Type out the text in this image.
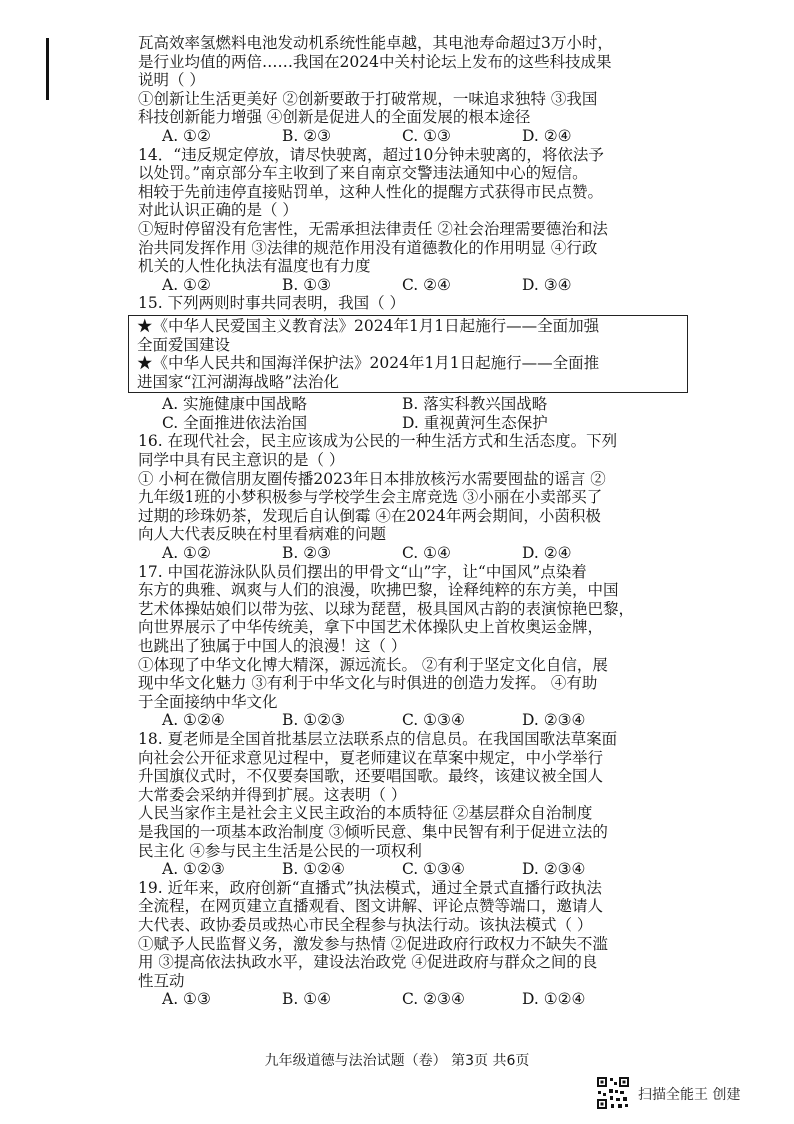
瓦高效率氢燃料电池发动机系统性能卓越，其电池寿命超过3万小时，
是行业均值的两倍……我国在2024中关村论坛上发布的这些科技成果
说明（ ）
①创新让生活更美好 ②创新要敢于打破常规，一味追求独特 ③我国
科技创新能力增强 ④创新是促进人的全面发展的根本途径
A. ①②	B. ②③	C. ①③	D. ②④
14．“违反规定停放，请尽快驶离，超过10分钟未驶离的，将依法予
以处罚。”南京部分车主收到了来自南京交警违法通知中心的短信。
相较于先前违停直接贴罚单，这种人性化的提醒方式获得市民点赞。
对此认识正确的是（ ）
①短时停留没有危害性，无需承担法律责任 ②社会治理需要德治和法
治共同发挥作用 ③法律的规范作用没有道德教化的作用明显 ④行政
机关的人性化执法有温度也有力度
A. ①②	B. ①③	C. ②④	D. ③④
15. 下列两则时事共同表明，我国（ ）
★《中华人民爱国主义教育法》2024年1月1日起施行——全面加强
全面爱国建设
★《中华人民共和国海洋保护法》2024年1月1日起施行——全面推
进国家“江河湖海战略”法治化
A. 实施健康中国战略	B. 落实科教兴国战略
C. 全面推进依法治国	D. 重视黄河生态保护
16. 在现代社会，民主应该成为公民的一种生活方式和生活态度。下列
同学中具有民主意识的是（ ）
① 小柯在微信朋友圈传播2023年日本排放核污水需要囤盐的谣言 ②
九年级1班的小梦积极参与学校学生会主席竞选 ③小丽在小卖部买了
过期的珍珠奶茶，发现后自认倒霉 ④在2024年两会期间，小茵积极
向人大代表反映在村里看病难的问题
A. ①②	B. ②③	C. ①④	D. ②④
17. 中国花游泳队队员们摆出的甲骨文“山”字，让“中国风”点染着
东方的典雅、飒爽与人们的浪漫，吹拂巴黎，诠释纯粹的东方美，中国
艺术体操姑娘们以带为弦、以球为琵琶，极具国风古韵的表演惊艳巴黎，
向世界展示了中华传统美，拿下中国艺术体操队史上首枚奥运金牌，
也跳出了独属于中国人的浪漫！这（ ）
①体现了中华文化博大精深，源远流长。 ②有利于坚定文化自信，展
现中华文化魅力 ③有利于中华文化与时俱进的创造力发挥。 ④有助
于全面接纳中华文化
A. ①②④	B. ①②③	C. ①③④	D. ②③④
18. 夏老师是全国首批基层立法联系点的信息员。在我国国歌法草案面
向社会公开征求意见过程中，夏老师建议在草案中规定，中小学举行
升国旗仪式时，不仅要奏国歌，还要唱国歌。最终，该建议被全国人
大常委会采纳并得到扩展。这表明（ ）
人民当家作主是社会主义民主政治的本质特征 ②基层群众自治制度
是我国的一项基本政治制度 ③倾听民意、集中民智有利于促进立法的
民主化 ④参与民主生活是公民的一项权利
A. ①②③	B. ①②④	C. ①③④	D. ②③④
19. 近年来，政府创新“直播式”执法模式，通过全景式直播行政执法
全流程，在网页建立直播观看、图文讲解、评论点赞等端口，邀请人
大代表、政协委员或热心市民全程参与执法行动。该执法模式（ ）
①赋予人民监督义务，激发参与热情 ②促进政府行政权力不缺失不滥
用 ③提高依法执政水平，建设法治政党 ④促进政府与群众之间的良
性互动
A. ①③	B. ①④	C. ②③④	D. ①②④
九年级道德与法治试题（卷） 第3页 共6页
扫描全能王 创建
